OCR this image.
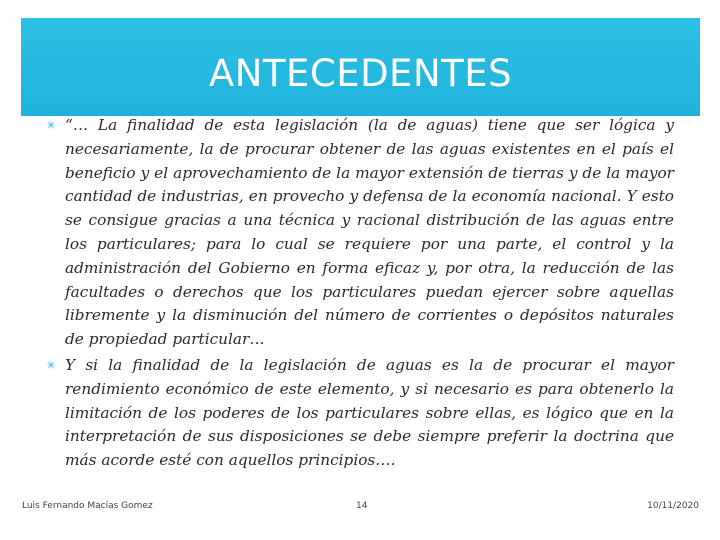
ANTECEDENTES

✳ “… La finalidad de esta legislación (la de aguas) tiene que ser lógica y necesariamente, la de procurar obtener de las aguas existentes en el país el beneficio y el aprovechamiento de la mayor extensión de tierras y de la mayor cantidad de industrias, en provecho y defensa de la economía nacional. Y esto se consigue gracias a una técnica y racional distribución de las aguas entre los particulares; para lo cual se requiere por una parte, el control y la administración del Gobierno en forma eficaz y, por otra, la reducción de las facultades o derechos que los particulares puedan ejercer sobre aquellas libremente y la disminución del número de corrientes o depósitos naturales de propiedad particular…

✳ Y si la finalidad de la legislación de aguas es la de procurar el mayor rendimiento económico de este elemento, y si necesario es para obtenerlo la limitación de los poderes de los particulares sobre ellas, es lógico que en la interpretación de sus disposiciones se debe siempre preferir la doctrina que más acorde esté con aquellos principios….

Luis Fernando Macías Gomez	14	10/11/2020
